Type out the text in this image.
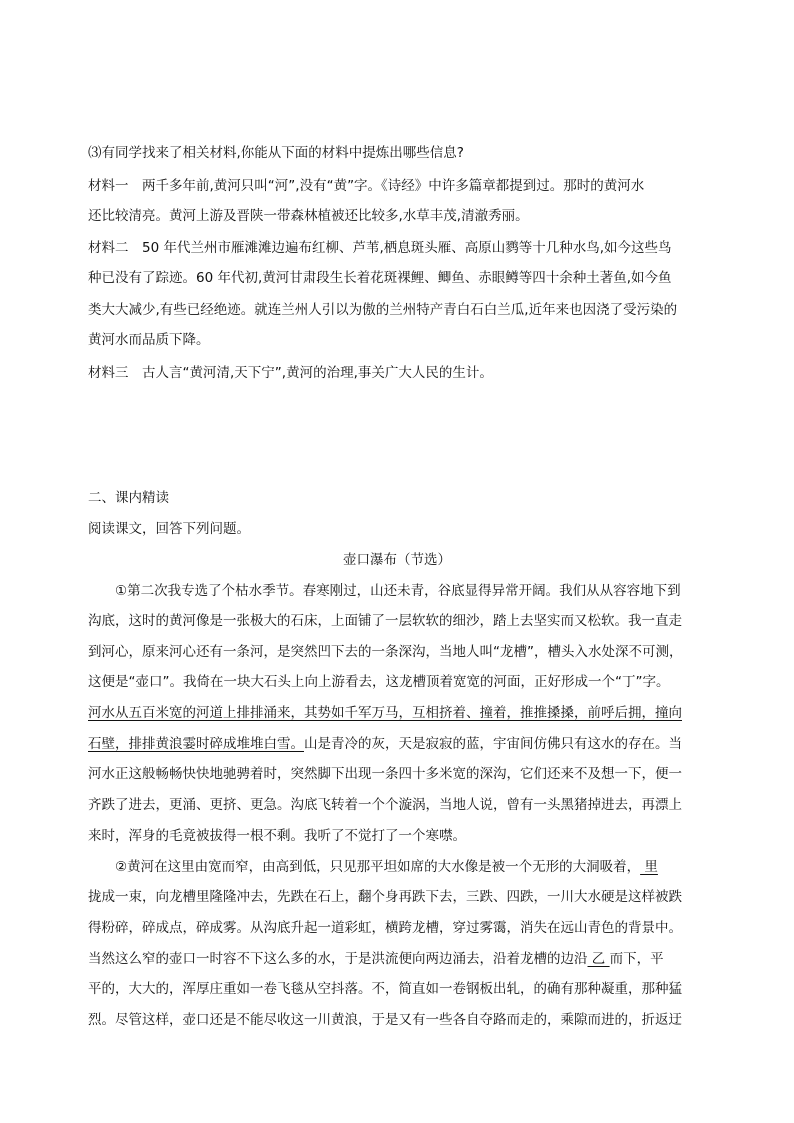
⑶有同学找来了相关材料,你能从下面的材料中提炼出哪些信息?
材料一　两千多年前,黄河只叫“河”,没有“黄”字。《诗经》中许多篇章都提到过。那时的黄河水
还比较清亮。黄河上游及晋陕一带森林植被还比较多,水草丰茂,清澈秀丽。
材料二　50 年代兰州市雁滩滩边遍布红柳、芦苇,栖息斑头雁、高原山鹨等十几种水鸟,如今这些鸟
种已没有了踪迹。60 年代初,黄河甘肃段生长着花斑裸鲤、鲫鱼、赤眼鳟等四十余种土著鱼,如今鱼
类大大减少,有些已经绝迹。就连兰州人引以为傲的兰州特产青白石白兰瓜,近年来也因浇了受污染的
黄河水而品质下降。
材料三　古人言“黄河清,天下宁”,黄河的治理,事关广大人民的生计。
二、课内精读
阅读课文，回答下列问题。
壶口瀑布（节选）
①第二次我专选了个枯水季节。春寒刚过，山还未青，谷底显得异常开阔。我们从从容容地下到
沟底，这时的黄河像是一张极大的石床，上面铺了一层软软的细沙，踏上去坚实而又松软。我一直走
到河心，原来河心还有一条河，是突然凹下去的一条深沟，当地人叫“龙槽”，槽头入水处深不可测，
这便是“壶口”。我倚在一块大石头上向上游看去，这龙槽顶着宽宽的河面，正好形成一个“丁”字。
河水从五百米宽的河道上排排涌来，其势如千军万马，互相挤着、撞着，推推搡搡，前呼后拥，撞向
石壁，排排黄浪霎时碎成堆堆白雪。山是青冷的灰，天是寂寂的蓝，宇宙间仿佛只有这水的存在。当
河水正这般畅畅快快地驰骋着时，突然脚下出现一条四十多米宽的深沟，它们还来不及想一下，便一
齐跌了进去，更涌、更挤、更急。沟底飞转着一个个漩涡，当地人说，曾有一头黑猪掉进去，再漂上
来时，浑身的毛竟被拔得一根不剩。我听了不觉打了一个寒噤。
②黄河在这里由宽而窄，由高到低，只见那平坦如席的大水像是被一个无形的大洞吸着， 里
拢成一束，向龙槽里隆隆冲去，先跌在石上，翻个身再跌下去，三跌、四跌，一川大水硬是这样被跌
得粉碎，碎成点，碎成雾。从沟底升起一道彩虹，横跨龙槽，穿过雾霭，消失在远山青色的背景中。
当然这么窄的壶口一时容不下这么多的水，于是洪流便向两边涌去，沿着龙槽的边沿 乙 而下，平
平的，大大的，浑厚庄重如一卷飞毯从空抖落。不，简直如一卷钢板出轧，的确有那种凝重，那种猛
烈。尽管这样，壶口还是不能尽收这一川黄浪，于是又有一些各自夺路而走的，乘隙而进的，折返迂
